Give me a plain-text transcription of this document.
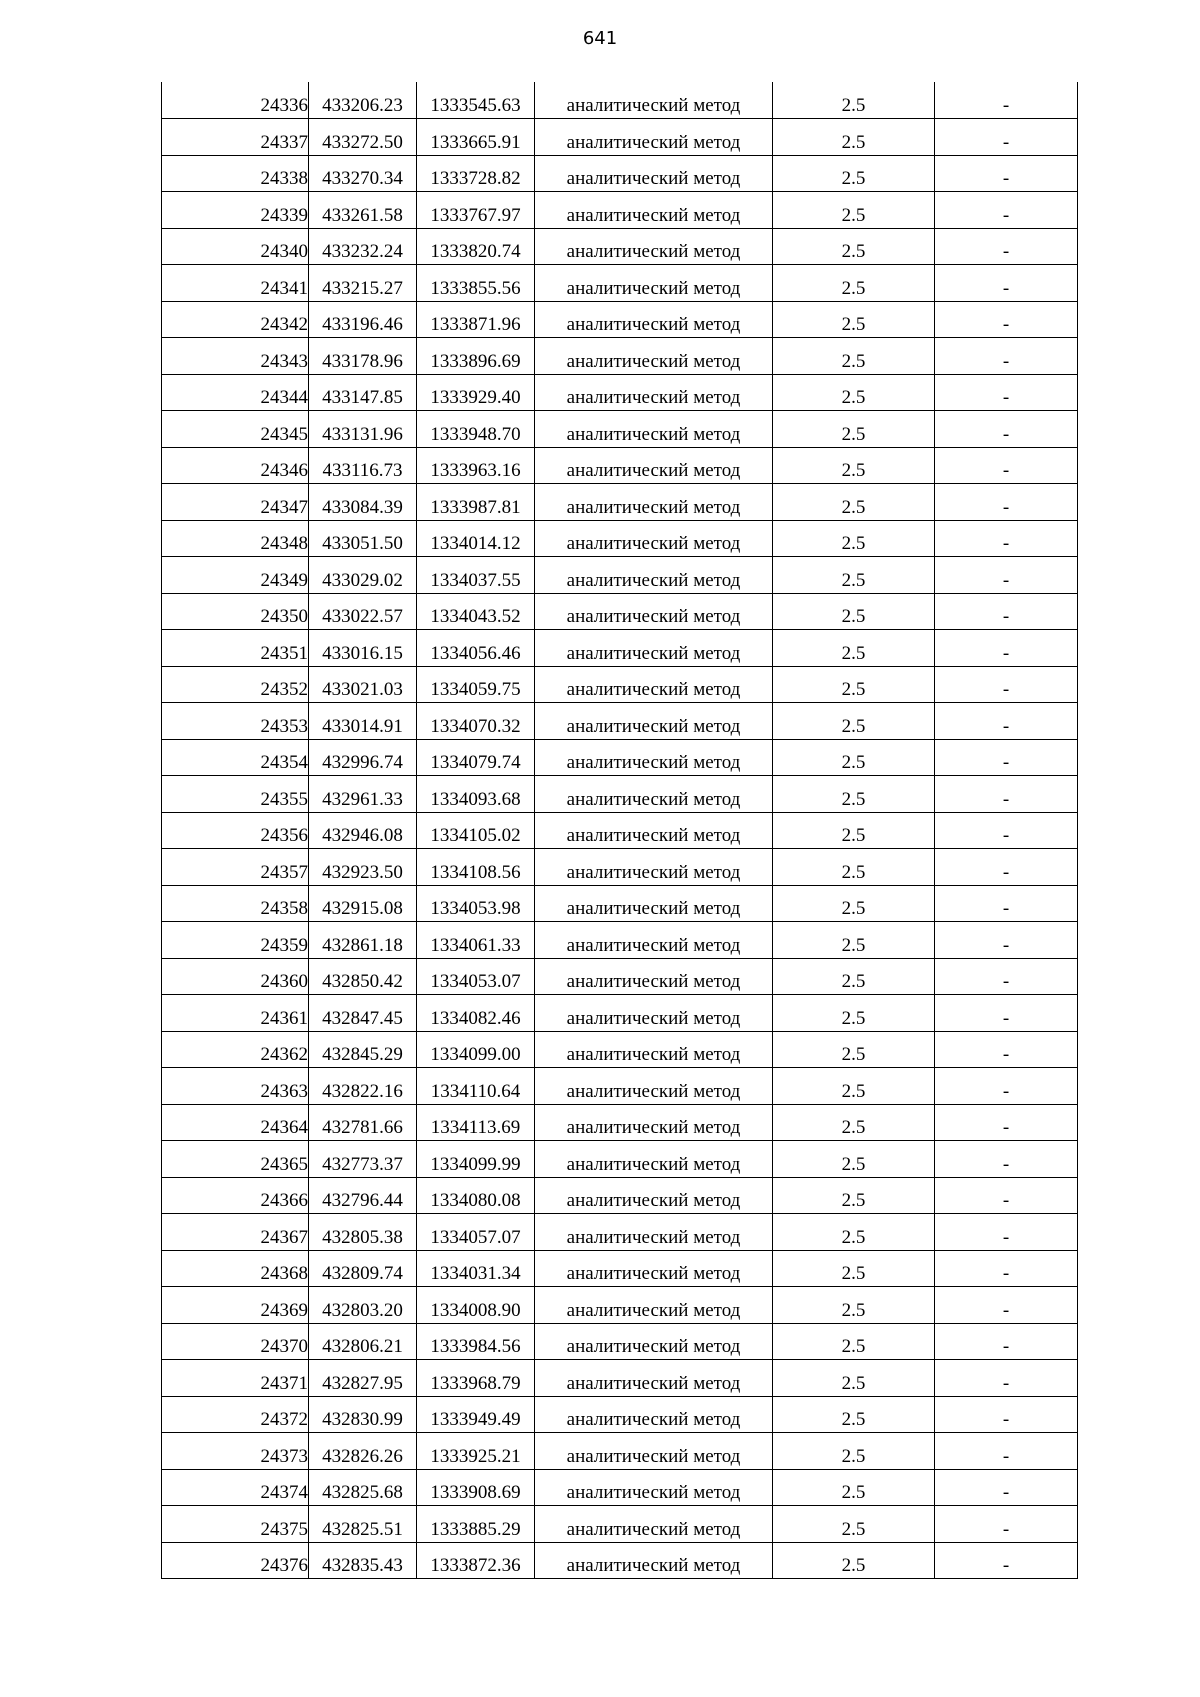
641
24336	433206.23	1333545.63	аналитический метод	2.5	-
24337	433272.50	1333665.91	аналитический метод	2.5	-
24338	433270.34	1333728.82	аналитический метод	2.5	-
24339	433261.58	1333767.97	аналитический метод	2.5	-
24340	433232.24	1333820.74	аналитический метод	2.5	-
24341	433215.27	1333855.56	аналитический метод	2.5	-
24342	433196.46	1333871.96	аналитический метод	2.5	-
24343	433178.96	1333896.69	аналитический метод	2.5	-
24344	433147.85	1333929.40	аналитический метод	2.5	-
24345	433131.96	1333948.70	аналитический метод	2.5	-
24346	433116.73	1333963.16	аналитический метод	2.5	-
24347	433084.39	1333987.81	аналитический метод	2.5	-
24348	433051.50	1334014.12	аналитический метод	2.5	-
24349	433029.02	1334037.55	аналитический метод	2.5	-
24350	433022.57	1334043.52	аналитический метод	2.5	-
24351	433016.15	1334056.46	аналитический метод	2.5	-
24352	433021.03	1334059.75	аналитический метод	2.5	-
24353	433014.91	1334070.32	аналитический метод	2.5	-
24354	432996.74	1334079.74	аналитический метод	2.5	-
24355	432961.33	1334093.68	аналитический метод	2.5	-
24356	432946.08	1334105.02	аналитический метод	2.5	-
24357	432923.50	1334108.56	аналитический метод	2.5	-
24358	432915.08	1334053.98	аналитический метод	2.5	-
24359	432861.18	1334061.33	аналитический метод	2.5	-
24360	432850.42	1334053.07	аналитический метод	2.5	-
24361	432847.45	1334082.46	аналитический метод	2.5	-
24362	432845.29	1334099.00	аналитический метод	2.5	-
24363	432822.16	1334110.64	аналитический метод	2.5	-
24364	432781.66	1334113.69	аналитический метод	2.5	-
24365	432773.37	1334099.99	аналитический метод	2.5	-
24366	432796.44	1334080.08	аналитический метод	2.5	-
24367	432805.38	1334057.07	аналитический метод	2.5	-
24368	432809.74	1334031.34	аналитический метод	2.5	-
24369	432803.20	1334008.90	аналитический метод	2.5	-
24370	432806.21	1333984.56	аналитический метод	2.5	-
24371	432827.95	1333968.79	аналитический метод	2.5	-
24372	432830.99	1333949.49	аналитический метод	2.5	-
24373	432826.26	1333925.21	аналитический метод	2.5	-
24374	432825.68	1333908.69	аналитический метод	2.5	-
24375	432825.51	1333885.29	аналитический метод	2.5	-
24376	432835.43	1333872.36	аналитический метод	2.5	-
